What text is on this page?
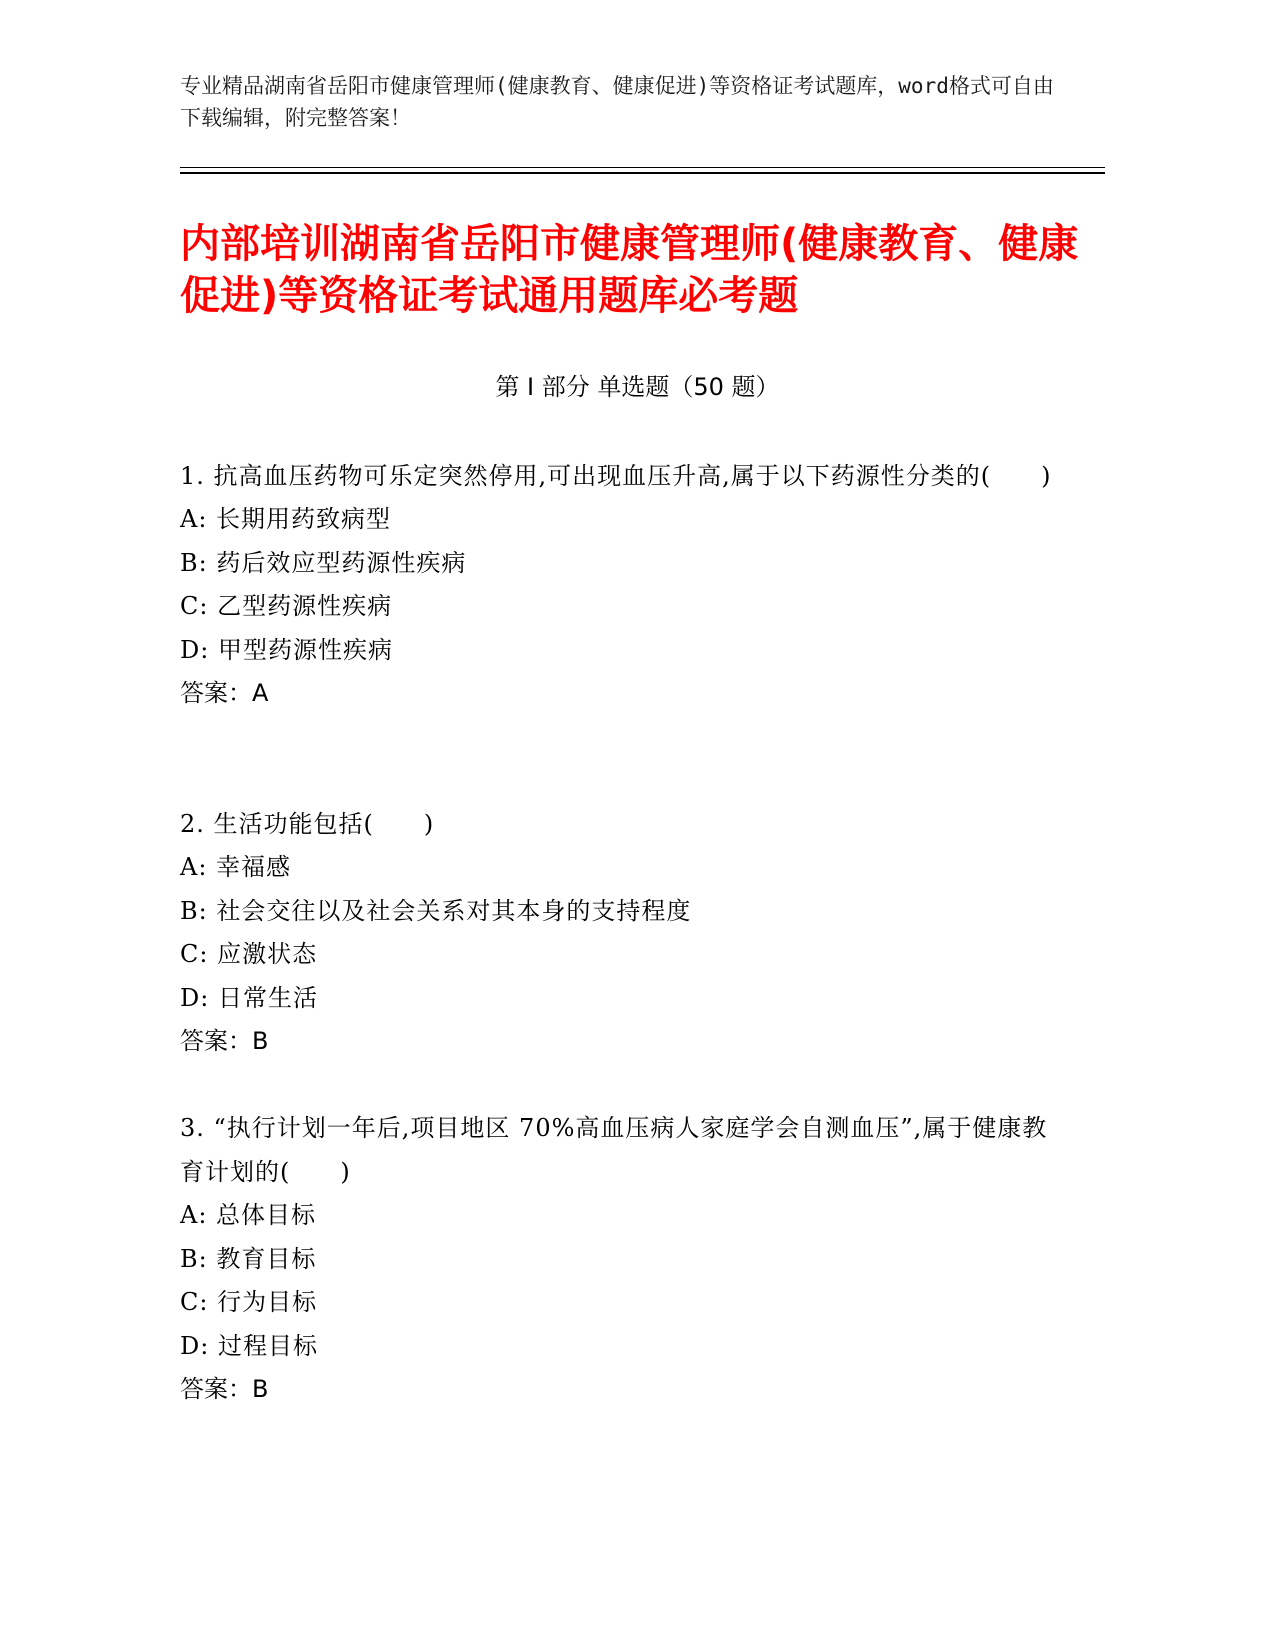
专业精品湖南省岳阳市健康管理师(健康教育、健康促进)等资格证考试题库，word格式可自由下载编辑，附完整答案！
内部培训湖南省岳阳市健康管理师(健康教育、健康促进)等资格证考试通用题库必考题
第 I 部分 单选题（50 题）

1. 抗高血压药物可乐定突然停用,可出现血压升高,属于以下药源性分类的(　　)

A: 长期用药致病型

B: 药后效应型药源性疾病

C: 乙型药源性疾病

D: 甲型药源性疾病

答案：A

2. 生活功能包括(　　)

A: 幸福感

B: 社会交往以及社会关系对其本身的支持程度

C: 应激状态

D: 日常生活

答案：B

3. “执行计划一年后,项目地区 70%高血压病人家庭学会自测血压”,属于健康教育计划的(　　)

A: 总体目标

B: 教育目标

C: 行为目标

D: 过程目标

答案：B
